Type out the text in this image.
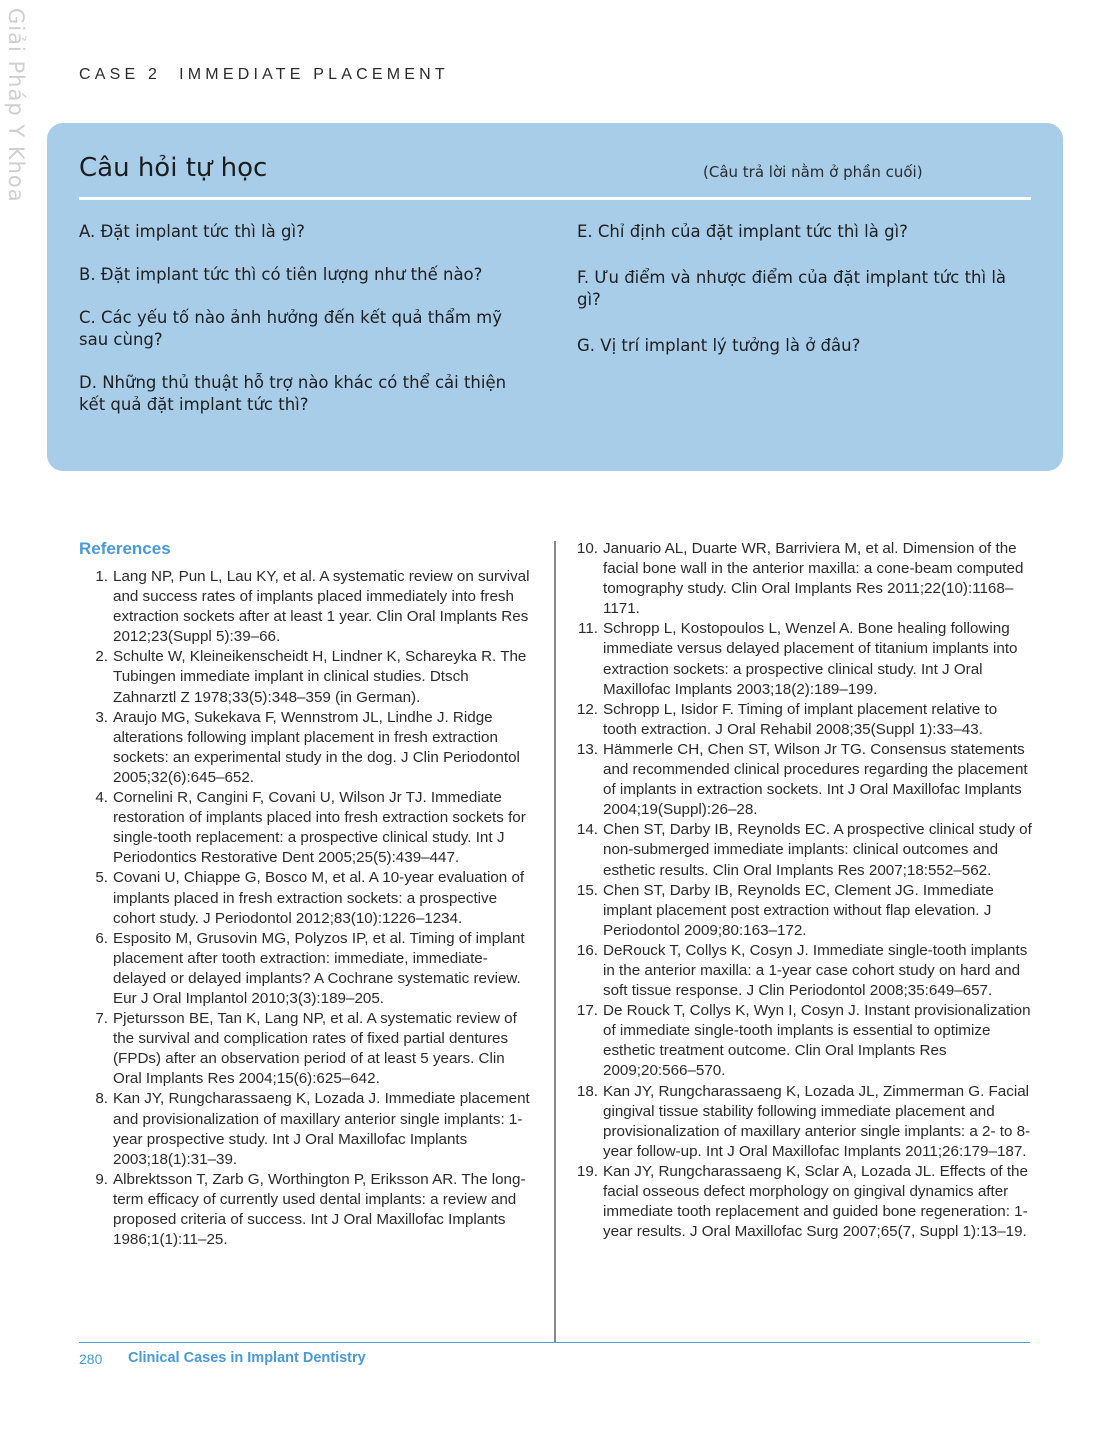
Giải Pháp Y Khoa	CASE 2 IMMEDIATE PLACEMENT
Câu hỏi tự học	(Câu trả lời nằm ở phần cuối)

A. Đặt implant tức thì là gì?

B. Đặt implant tức thì có tiên lượng như thế nào?

C. Các yếu tố nào ảnh hưởng đến kết quả thẩm mỹ sau cùng?

D. Những thủ thuật hỗ trợ nào khác có thể cải thiện kết quả đặt implant tức thì?

E. Chỉ định của đặt implant tức thì là gì?

F. Ưu điểm và nhược điểm của đặt implant tức thì là gì?

G. Vị trí implant lý tưởng là ở đâu?

References
1. Lang NP, Pun L, Lau KY, et al. A systematic review on survival and success rates of implants placed immediately into fresh extraction sockets after at least 1 year. Clin Oral Implants Res 2012;23(Suppl 5):39–66.
2. Schulte W, Kleineikenscheidt H, Lindner K, Schareyka R. The Tubingen immediate implant in clinical studies. Dtsch Zahnarztl Z 1978;33(5):348–359 (in German).
3. Araujo MG, Sukekava F, Wennstrom JL, Lindhe J. Ridge alterations following implant placement in fresh extraction sockets: an experimental study in the dog. J Clin Periodontol 2005;32(6):645–652.
4. Cornelini R, Cangini F, Covani U, Wilson Jr TJ. Immediate restoration of implants placed into fresh extraction sockets for single-tooth replacement: a prospective clinical study. Int J Periodontics Restorative Dent 2005;25(5):439–447.
5. Covani U, Chiappe G, Bosco M, et al. A 10-year evaluation of implants placed in fresh extraction sockets: a prospective cohort study. J Periodontol 2012;83(10):1226–1234.
6. Esposito M, Grusovin MG, Polyzos IP, et al. Timing of implant placement after tooth extraction: immediate, immediate-delayed or delayed implants? A Cochrane systematic review. Eur J Oral Implantol 2010;3(3):189–205.
7. Pjetursson BE, Tan K, Lang NP, et al. A systematic review of the survival and complication rates of fixed partial dentures (FPDs) after an observation period of at least 5 years. Clin Oral Implants Res 2004;15(6):625–642.
8. Kan JY, Rungcharassaeng K, Lozada J. Immediate placement and provisionalization of maxillary anterior single implants: 1-year prospective study. Int J Oral Maxillofac Implants 2003;18(1):31–39.
9. Albrektsson T, Zarb G, Worthington P, Eriksson AR. The long-term efficacy of currently used dental implants: a review and proposed criteria of success. Int J Oral Maxillofac Implants 1986;1(1):11–25.
10. Januario AL, Duarte WR, Barriviera M, et al. Dimension of the facial bone wall in the anterior maxilla: a cone-beam computed tomography study. Clin Oral Implants Res 2011;22(10):1168–1171.
11. Schropp L, Kostopoulos L, Wenzel A. Bone healing following immediate versus delayed placement of titanium implants into extraction sockets: a prospective clinical study. Int J Oral Maxillofac Implants 2003;18(2):189–199.
12. Schropp L, Isidor F. Timing of implant placement relative to tooth extraction. J Oral Rehabil 2008;35(Suppl 1):33–43.
13. Hämmerle CH, Chen ST, Wilson Jr TG. Consensus statements and recommended clinical procedures regarding the placement of implants in extraction sockets. Int J Oral Maxillofac Implants 2004;19(Suppl):26–28.
14. Chen ST, Darby IB, Reynolds EC. A prospective clinical study of non-submerged immediate implants: clinical outcomes and esthetic results. Clin Oral Implants Res 2007;18:552–562.
15. Chen ST, Darby IB, Reynolds EC, Clement JG. Immediate implant placement post extraction without flap elevation. J Periodontol 2009;80:163–172.
16. DeRouck T, Collys K, Cosyn J. Immediate single-tooth implants in the anterior maxilla: a 1-year case cohort study on hard and soft tissue response. J Clin Periodontol 2008;35:649–657.
17. De Rouck T, Collys K, Wyn I, Cosyn J. Instant provisionalization of immediate single-tooth implants is essential to optimize esthetic treatment outcome. Clin Oral Implants Res 2009;20:566–570.
18. Kan JY, Rungcharassaeng K, Lozada JL, Zimmerman G. Facial gingival tissue stability following immediate placement and provisionalization of maxillary anterior single implants: a 2- to 8-year follow-up. Int J Oral Maxillofac Implants 2011;26:179–187.
19. Kan JY, Rungcharassaeng K, Sclar A, Lozada JL. Effects of the facial osseous defect morphology on gingival dynamics after immediate tooth replacement and guided bone regeneration: 1-year results. J Oral Maxillofac Surg 2007;65(7, Suppl 1):13–19.
280 Clinical Cases in Implant Dentistry
